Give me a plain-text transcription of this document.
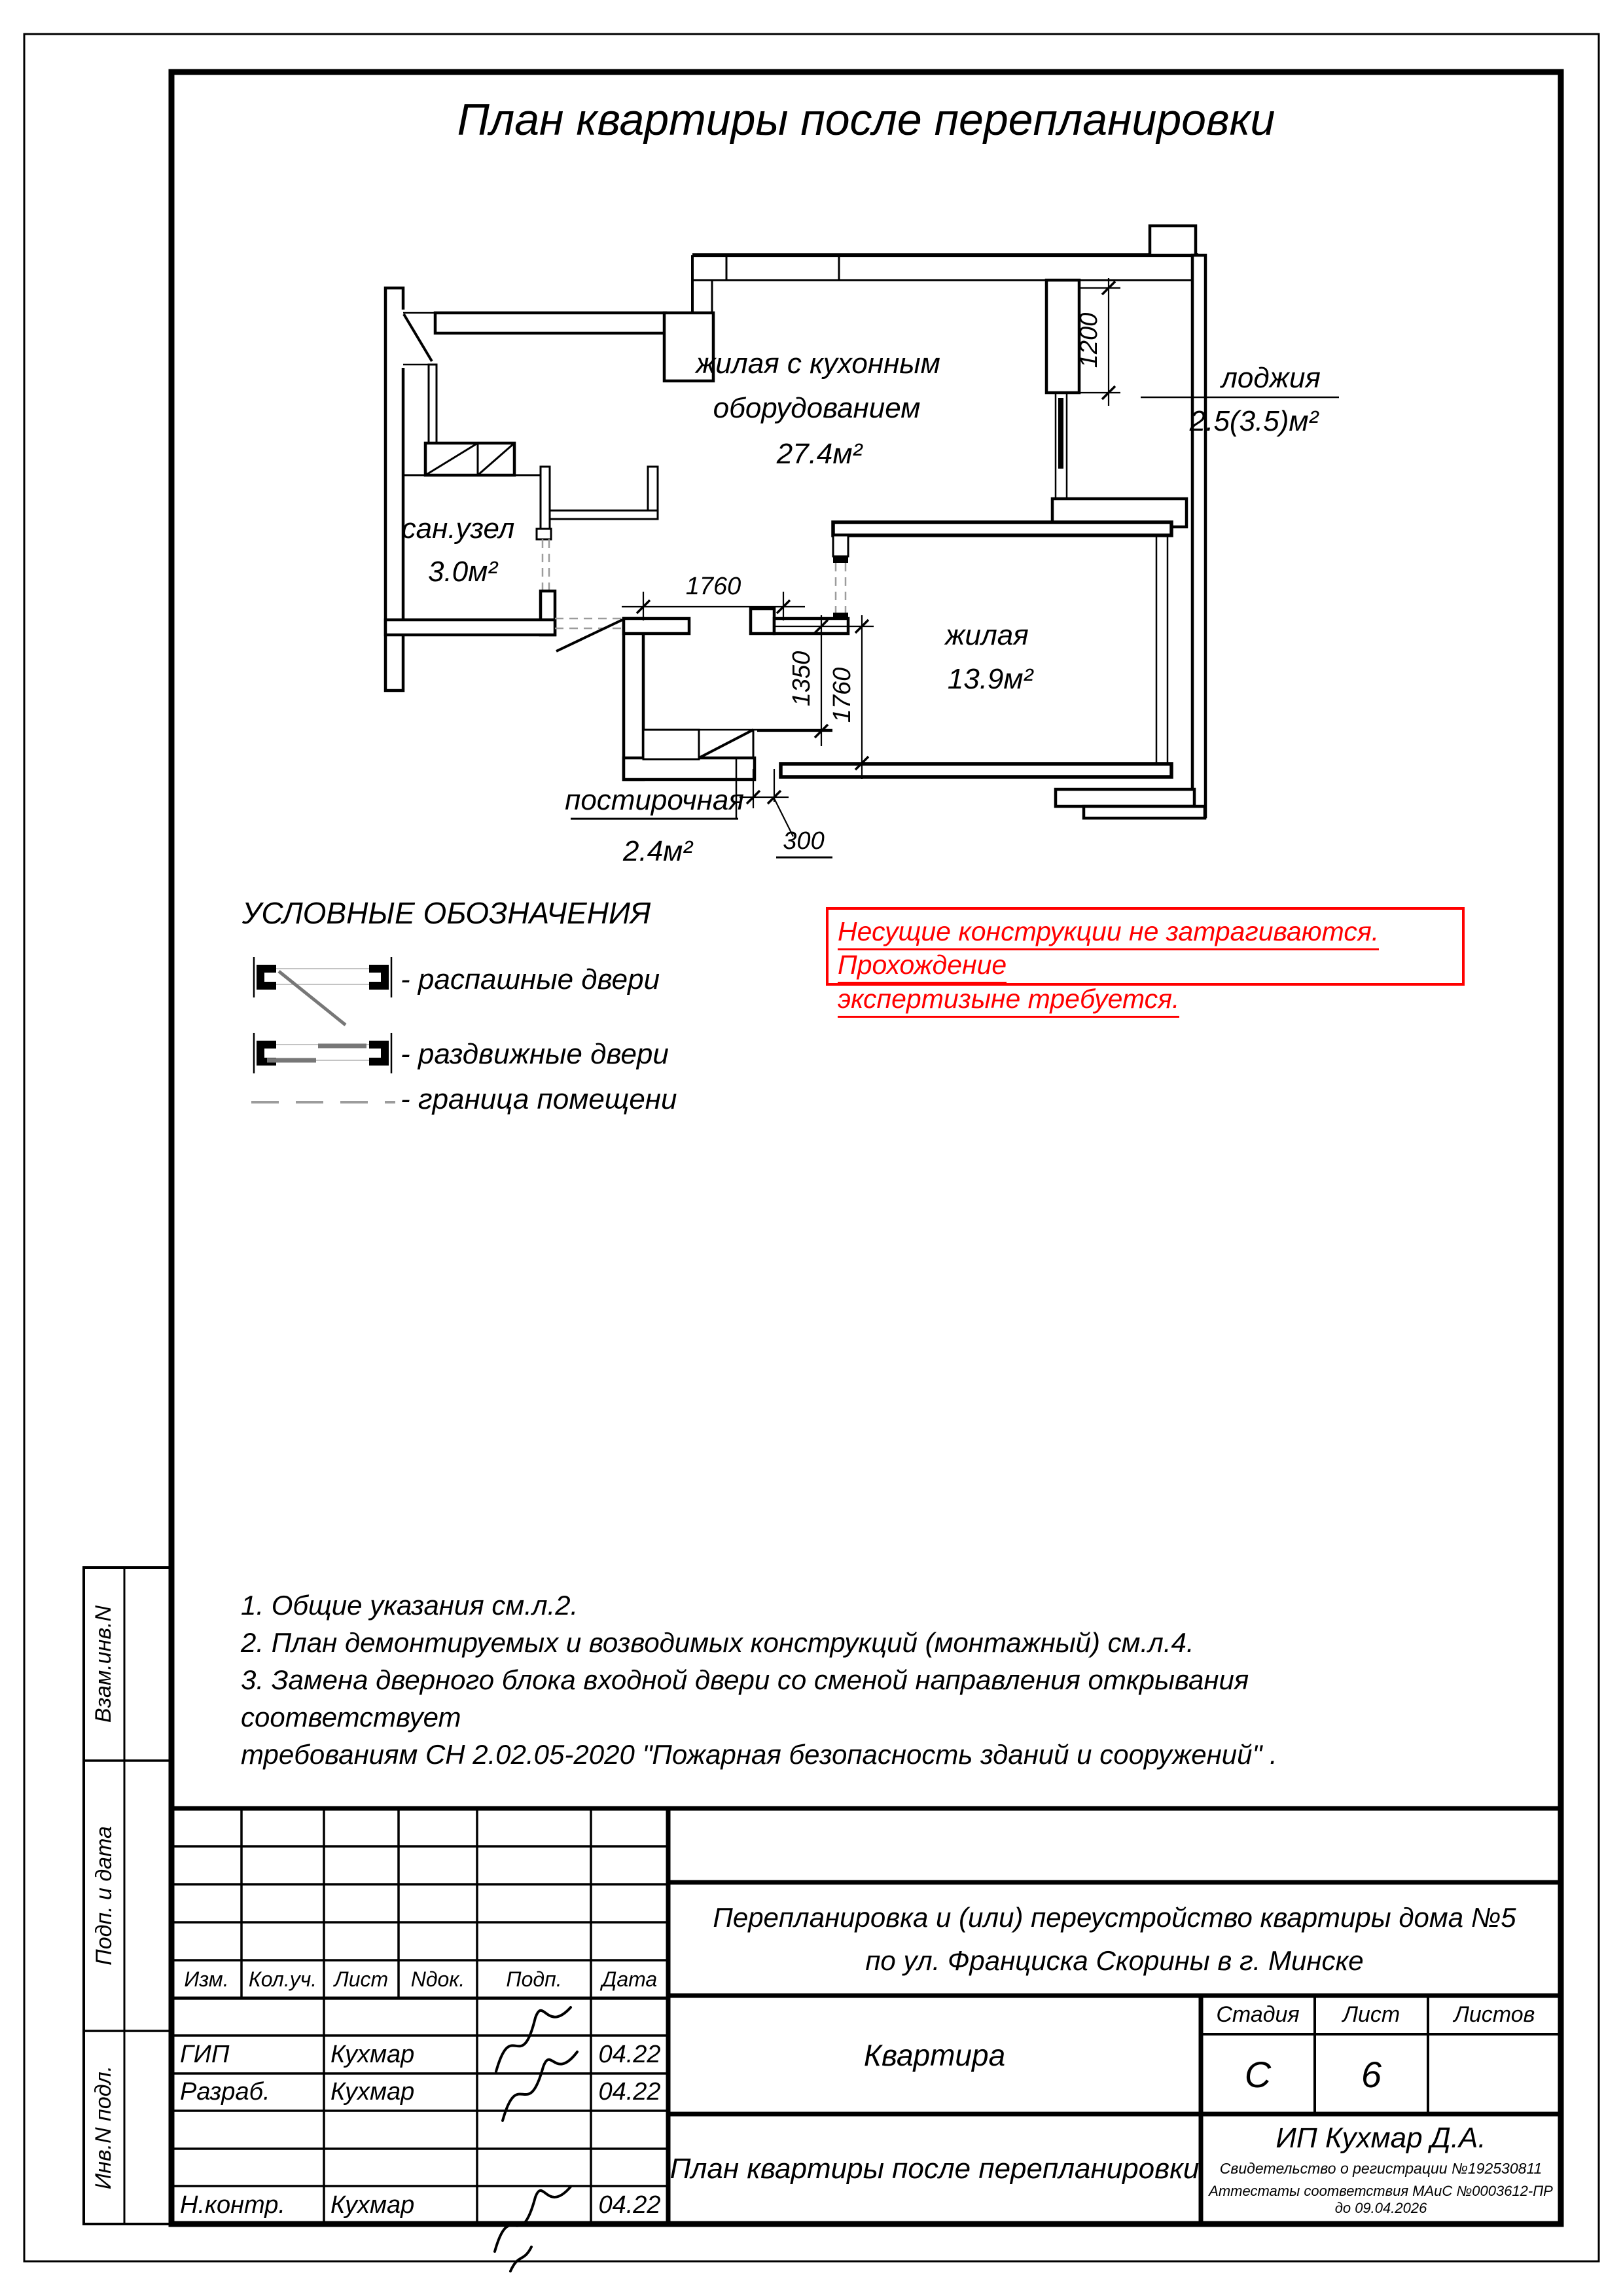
План квартиры после перепланировки
1200
1760
1350 1760
300
жилая с кухонным
оборудованием
27.4м²
лоджия
2.5(3.5)м²
сан.узел
3.0м²
жилая
13.9м²
постирочная
2.4м²
Несущие конструкции не затрагиваются. Прохождение
экспертизыне требуется.
УСЛОВНЫЕ ОБОЗНАЧЕНИЯ
- распашные двери
- раздвижные двери
- граница помещени
1. Общие указания см.л.2.
2. План демонтируемых и возводимых конструкций (монтажный) см.л.4.
3. Замена дверного блока входной двери со сменой направления открывания соответствует
требованиям СН 2.02.05-2020 "Пожарная безопасность зданий и сооружений" .
Взам.инв.N
Подп. и дата
Инв.N подл.
Изм. Кол.уч. Лист	Nдок.	Подп.	Дата
ГИП	Кухмар	04.22
Разраб.	Кухмар	04.22
Н.контр.	Кухмар	04.22
Перепланировка и (или) переустройство квартиры дома №5
по ул. Франциска Скорины в г. Минске
Квартира
Стадия	Лист	Листов
С	6
План квартиры после перепланировки
ИП Кухмар Д.А.
Свидетельство о регистрации №192530811
Аттестаты соответствия МАиС №0003612-ПР до 09.04.2026
